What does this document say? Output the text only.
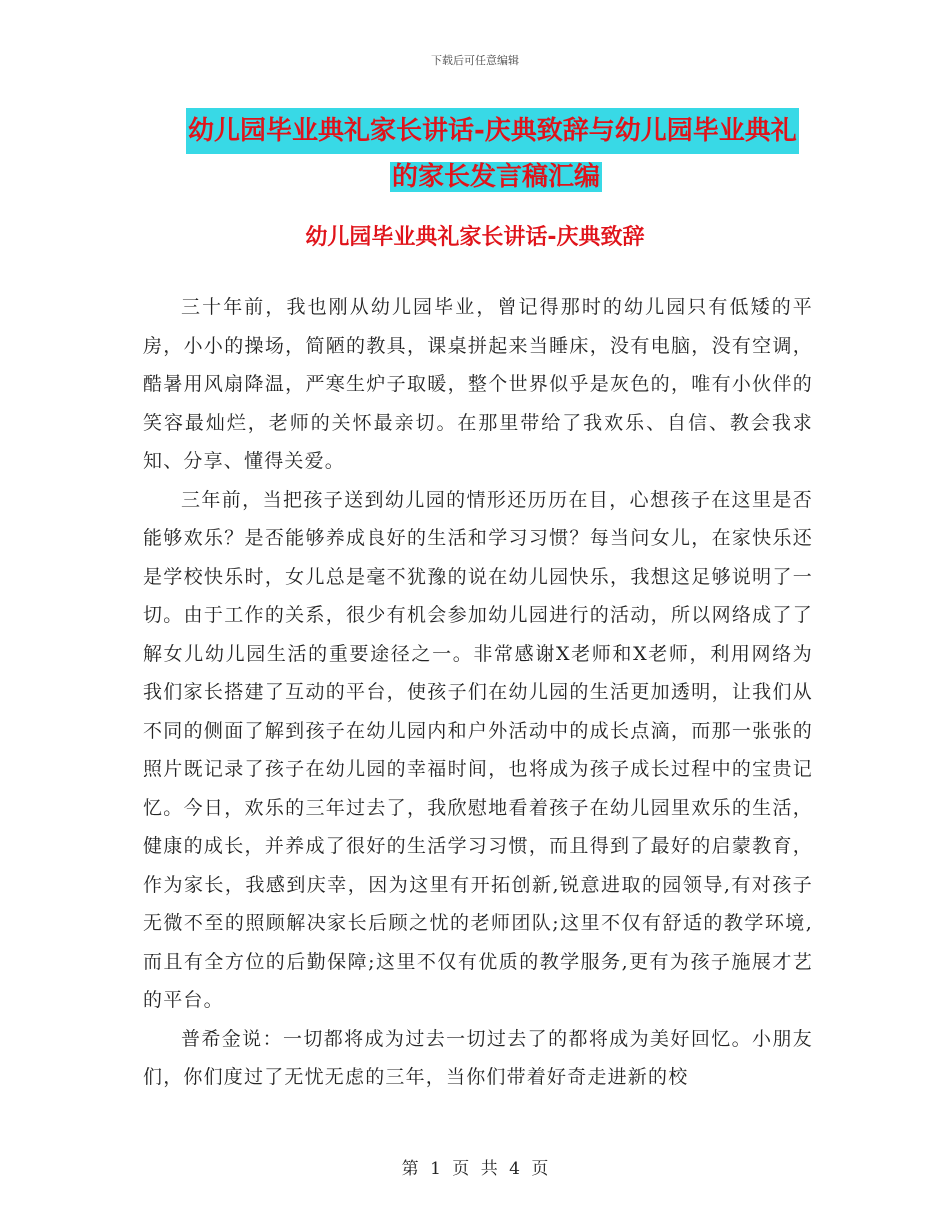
下载后可任意编辑
幼儿园毕业典礼家长讲话-庆典致辞与幼儿园毕业典礼
的家长发言稿汇编
幼儿园毕业典礼家长讲话-庆典致辞

三十年前，我也刚从幼儿园毕业，曾记得那时的幼儿园只有低矮的平房，小小的操场，简陋的教具，课桌拼起来当睡床，没有电脑，没有空调，酷暑用风扇降温，严寒生炉子取暖，整个世界似乎是灰色的，唯有小伙伴的笑容最灿烂，老师的关怀最亲切。在那里带给了我欢乐、自信、教会我求知、分享、懂得关爱。

三年前，当把孩子送到幼儿园的情形还历历在目，心想孩子在这里是否能够欢乐？是否能够养成良好的生活和学习习惯？每当问女儿，在家快乐还是学校快乐时，女儿总是毫不犹豫的说在幼儿园快乐，我想这足够说明了一切。由于工作的关系，很少有机会参加幼儿园进行的活动，所以网络成了了解女儿幼儿园生活的重要途径之一。非常感谢X老师和X老师，利用网络为我们家长搭建了互动的平台，使孩子们在幼儿园的生活更加透明，让我们从不同的侧面了解到孩子在幼儿园内和户外活动中的成长点滴，而那一张张的照片既记录了孩子在幼儿园的幸福时间，也将成为孩子成长过程中的宝贵记忆。今日，欢乐的三年过去了，我欣慰地看着孩子在幼儿园里欢乐的生活，健康的成长，并养成了很好的生活学习习惯，而且得到了最好的启蒙教育，作为家长，我感到庆幸，因为这里有开拓创新,锐意进取的园领导,有对孩子无微不至的照顾解决家长后顾之忧的老师团队;这里不仅有舒适的教学环境,而且有全方位的后勤保障;这里不仅有优质的教学服务,更有为孩子施展才艺的平台。

普希金说：一切都将成为过去一切过去了的都将成为美好回忆。小朋友们，你们度过了无忧无虑的三年，当你们带着好奇走进新的校

第 1 页 共 4 页
